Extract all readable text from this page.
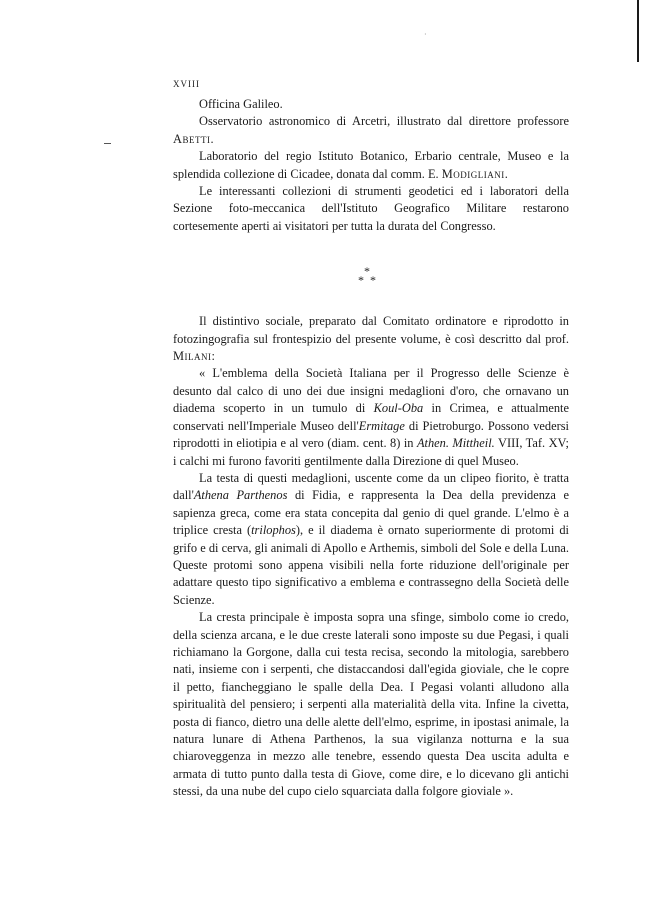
·
XVIII

Officina Galileo.

Osservatorio astronomico di Arcetri, illustrato dal direttore professore Abetti.

Laboratorio del regio Istituto Botanico, Erbario centrale, Museo e la splendida collezione di Cicadee, donata dal comm. E. Modigliani.

Le interessanti collezioni di strumenti geodetici ed i laboratori della Sezione foto-meccanica dell'Istituto Geografico Militare restarono cortesemente aperti ai visitatori per tutta la durata del Congresso.

*
* *

Il distintivo sociale, preparato dal Comitato ordinatore e riprodotto in fotozingografia sul frontespizio del presente volume, è così descritto dal prof. Milani:

« L'emblema della Società Italiana per il Progresso delle Scienze è desunto dal calco di uno dei due insigni medaglioni d'oro, che ornavano un diadema scoperto in un tumulo di Koul-Oba in Crimea, e attualmente conservati nell'Imperiale Museo dell'Ermitage di Pietroburgo. Possono vedersi riprodotti in eliotipia e al vero (diam. cent. 8) in Athen. Mittheil. VIII, Taf. XV; i calchi mi furono favoriti gentilmente dalla Direzione di quel Museo.

La testa di questi medaglioni, uscente come da un clipeo fiorito, è tratta dall'Athena Parthenos di Fidia, e rappresenta la Dea della previdenza e sapienza greca, come era stata concepita dal genio di quel grande. L'elmo è a triplice cresta (trilophos), e il diadema è ornato superiormente di protomi di grifo e di cerva, gli animali di Apollo e Arthemis, simboli del Sole e della Luna. Queste protomi sono appena visibili nella forte riduzione dell'originale per adattare questo tipo significativo a emblema e contrassegno della Società delle Scienze.

La cresta principale è imposta sopra una sfinge, simbolo come io credo, della scienza arcana, e le due creste laterali sono imposte su due Pegasi, i quali richiamano la Gorgone, dalla cui testa recisa, secondo la mitologia, sarebbero nati, insieme con i serpenti, che distaccandosi dall'egida gioviale, che le copre il petto, fiancheggiano le spalle della Dea. I Pegasi volanti alludono alla spiritualità del pensiero; i serpenti alla materialità della vita. Infine la civetta, posta di fianco, dietro una delle alette dell'elmo, esprime, in ipostasi animale, la natura lunare di Athena Parthenos, la sua vigilanza notturna e la sua chiaroveggenza in mezzo alle tenebre, essendo questa Dea uscita adulta e armata di tutto punto dalla testa di Giove, come dire, e lo dicevano gli antichi stessi, da una nube del cupo cielo squarciata dalla folgore gioviale ».
